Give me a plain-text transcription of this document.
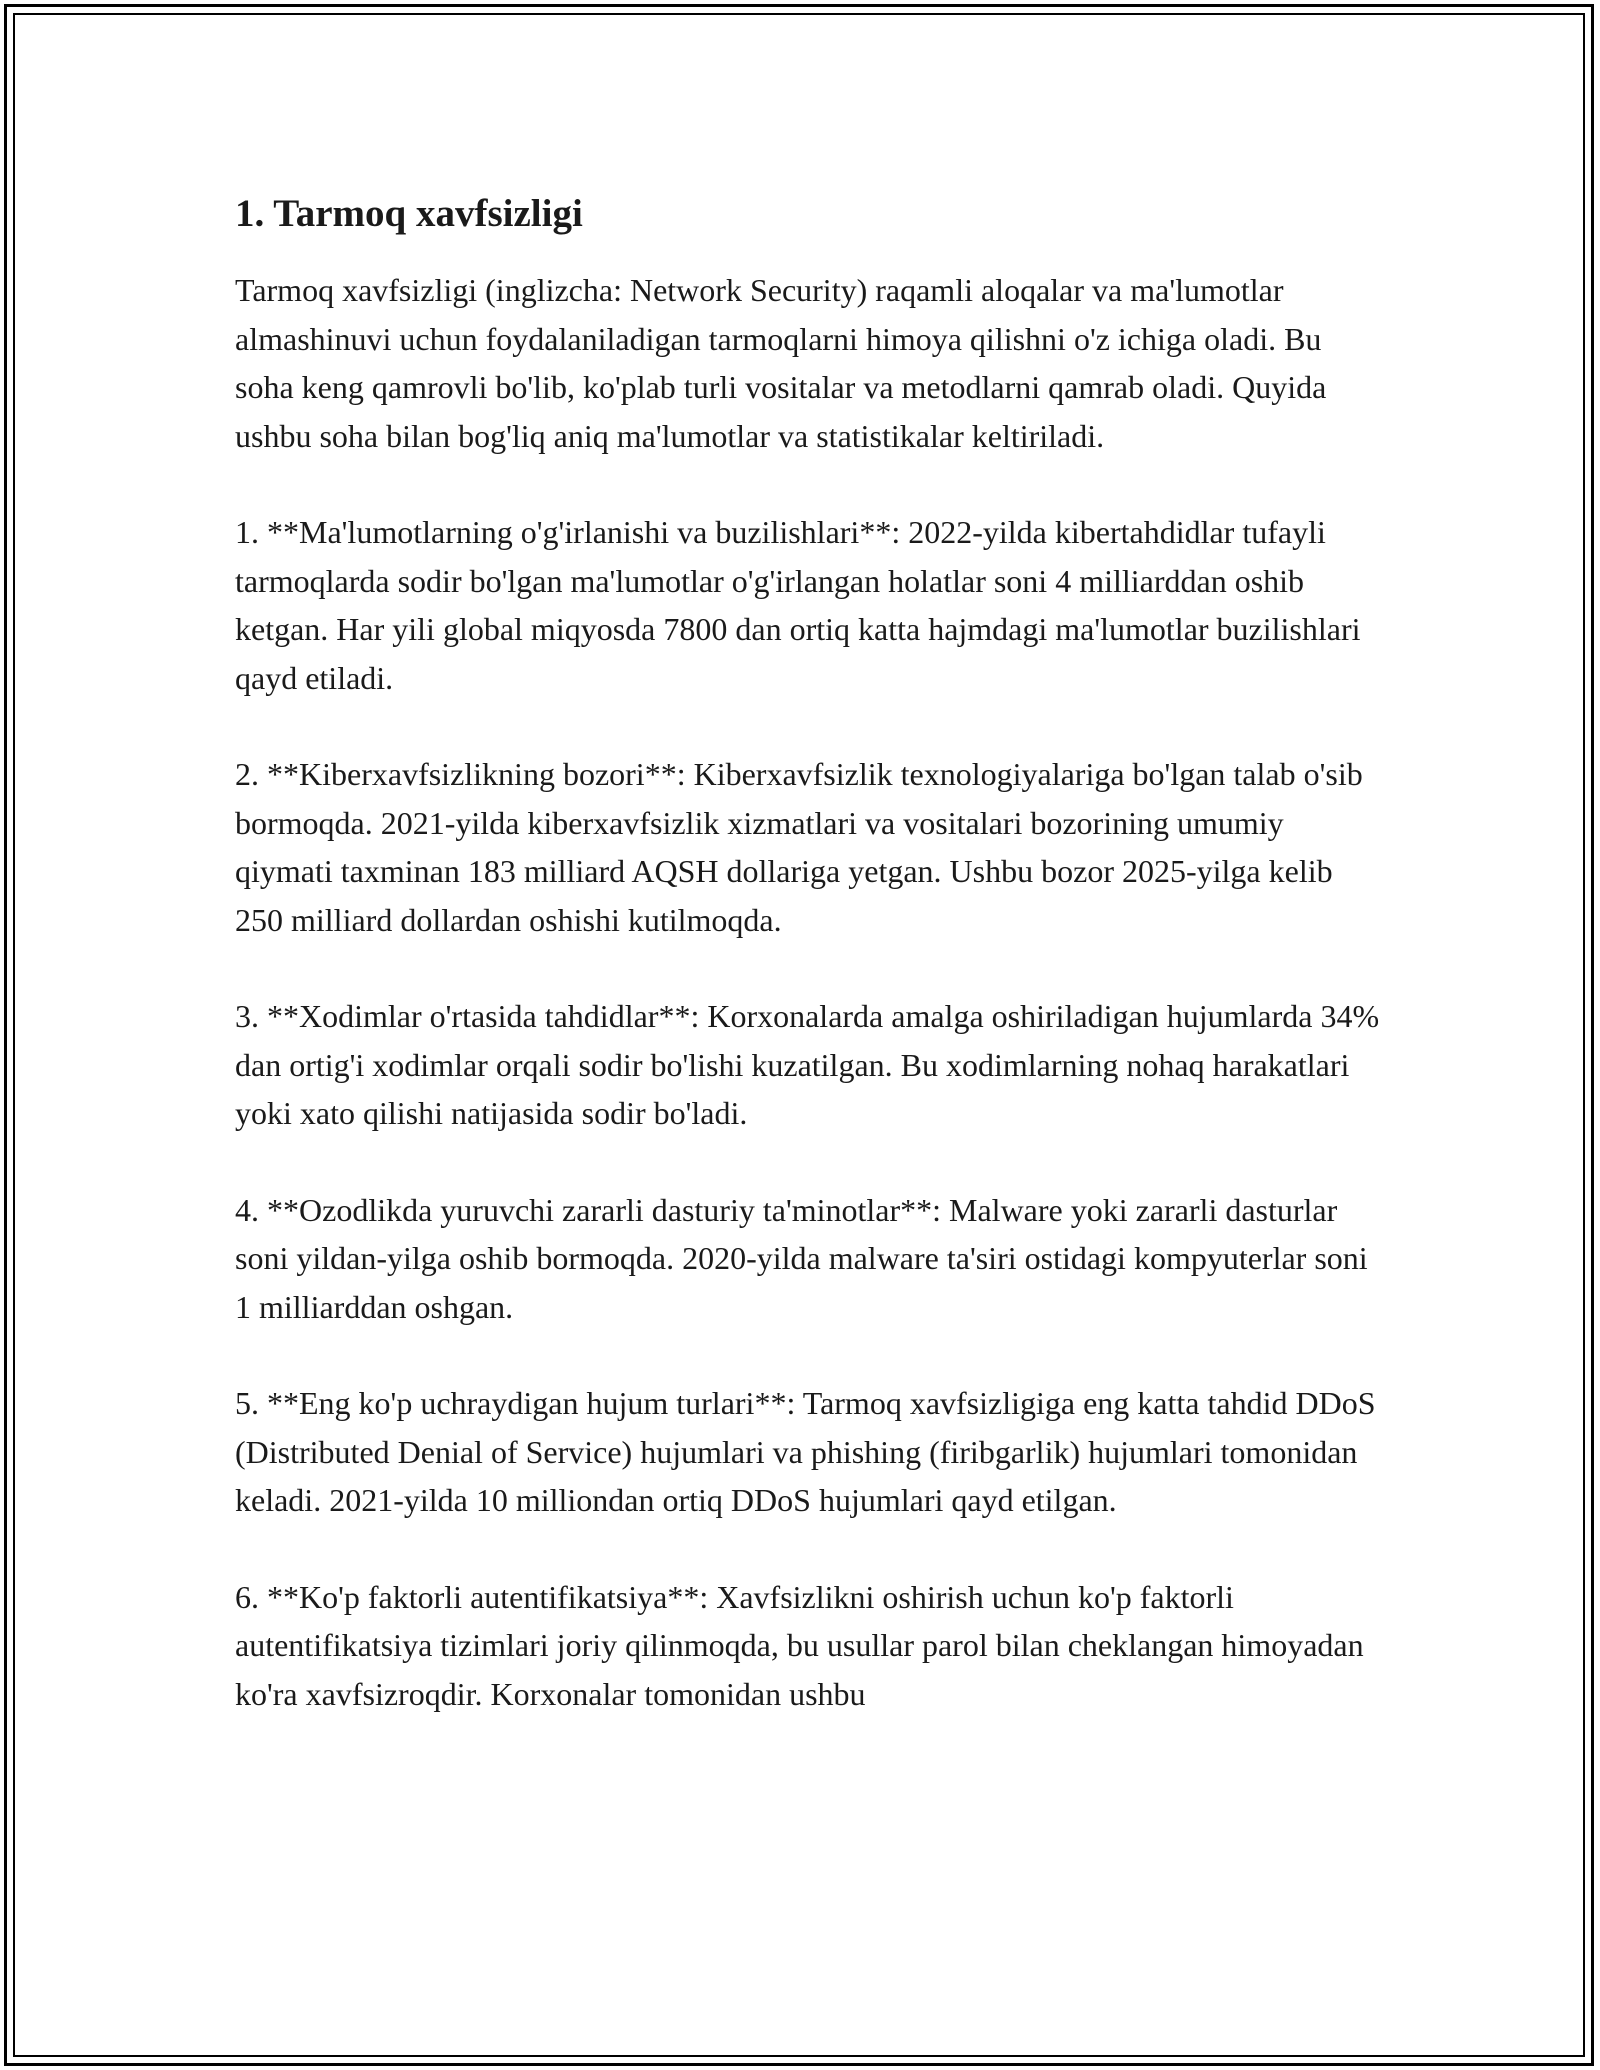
1. Tarmoq xavfsizligi

Tarmoq xavfsizligi (inglizcha: Network Security) raqamli aloqalar va ma'lumotlar almashinuvi uchun foydalaniladigan tarmoqlarni himoya qilishni o'z ichiga oladi. Bu soha keng qamrovli bo'lib, ko'plab turli vositalar va metodlarni qamrab oladi. Quyida ushbu soha bilan bog'liq aniq ma'lumotlar va statistikalar keltiriladi.

1. **Ma'lumotlarning o'g'irlanishi va buzilishlari**: 2022-yilda kibertahdidlar tufayli tarmoqlarda sodir bo'lgan ma'lumotlar o'g'irlangan holatlar soni 4 milliarddan oshib ketgan. Har yili global miqyosda 7800 dan ortiq katta hajmdagi ma'lumotlar buzilishlari qayd etiladi.

2. **Kiberxavfsizlikning bozori**: Kiberxavfsizlik texnologiyalariga bo'lgan talab o'sib bormoqda. 2021-yilda kiberxavfsizlik xizmatlari va vositalari bozorining umumiy qiymati taxminan 183 milliard AQSH dollariga yetgan. Ushbu bozor 2025-yilga kelib 250 milliard dollardan oshishi kutilmoqda.

3. **Xodimlar o'rtasida tahdidlar**: Korxonalarda amalga oshiriladigan hujumlarda 34% dan ortig'i xodimlar orqali sodir bo'lishi kuzatilgan. Bu xodimlarning nohaq harakatlari yoki xato qilishi natijasida sodir bo'ladi.

4. **Ozodlikda yuruvchi zararli dasturiy ta'minotlar**: Malware yoki zararli dasturlar soni yildan-yilga oshib bormoqda. 2020-yilda malware ta'siri ostidagi kompyuterlar soni 1 milliarddan oshgan.

5. **Eng ko'p uchraydigan hujum turlari**: Tarmoq xavfsizligiga eng katta tahdid DDoS (Distributed Denial of Service) hujumlari va phishing (firibgarlik) hujumlari tomonidan keladi. 2021-yilda 10 milliondan ortiq DDoS hujumlari qayd etilgan.

6. **Ko'p faktorli autentifikatsiya**: Xavfsizlikni oshirish uchun ko'p faktorli autentifikatsiya tizimlari joriy qilinmoqda, bu usullar parol bilan cheklangan himoyadan ko'ra xavfsizroqdir. Korxonalar tomonidan ushbu
